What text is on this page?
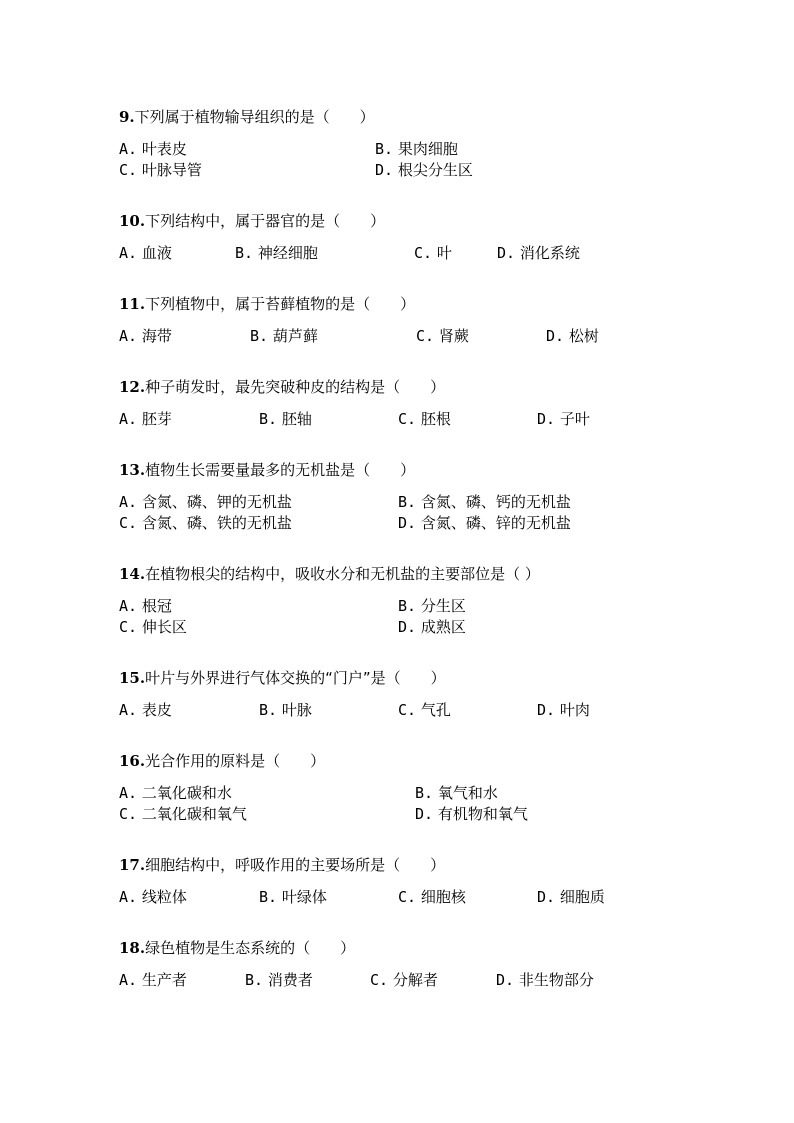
9.下列属于植物输导组织的是（　　）
A. 叶表皮	B. 果肉细胞
C. 叶脉导管	D. 根尖分生区
10.下列结构中，属于器官的是（　　）
A. 血液	B. 神经细胞	C. 叶	D. 消化系统
11.下列植物中，属于苔藓植物的是（　　）
A. 海带	B. 葫芦藓	C. 肾蕨	D. 松树
12.种子萌发时，最先突破种皮的结构是（　　）
A. 胚芽	B. 胚轴	C. 胚根	D. 子叶
13.植物生长需要量最多的无机盐是（　　）
A. 含氮、磷、钾的无机盐	B. 含氮、磷、钙的无机盐
C. 含氮、磷、铁的无机盐	D. 含氮、磷、锌的无机盐
14.在植物根尖的结构中，吸收水分和无机盐的主要部位是（ ）
A. 根冠	B. 分生区
C. 伸长区	D. 成熟区
15.叶片与外界进行气体交换的“门户”是（　　）
A. 表皮	B. 叶脉	C. 气孔	D. 叶肉
16.光合作用的原料是（　　）
A. 二氧化碳和水	B. 氧气和水
C. 二氧化碳和氧气	D. 有机物和氧气
17.细胞结构中，呼吸作用的主要场所是（　　）
A. 线粒体	B. 叶绿体	C. 细胞核	D. 细胞质
18.绿色植物是生态系统的（　　）
A. 生产者	B. 消费者	C. 分解者	D. 非生物部分
